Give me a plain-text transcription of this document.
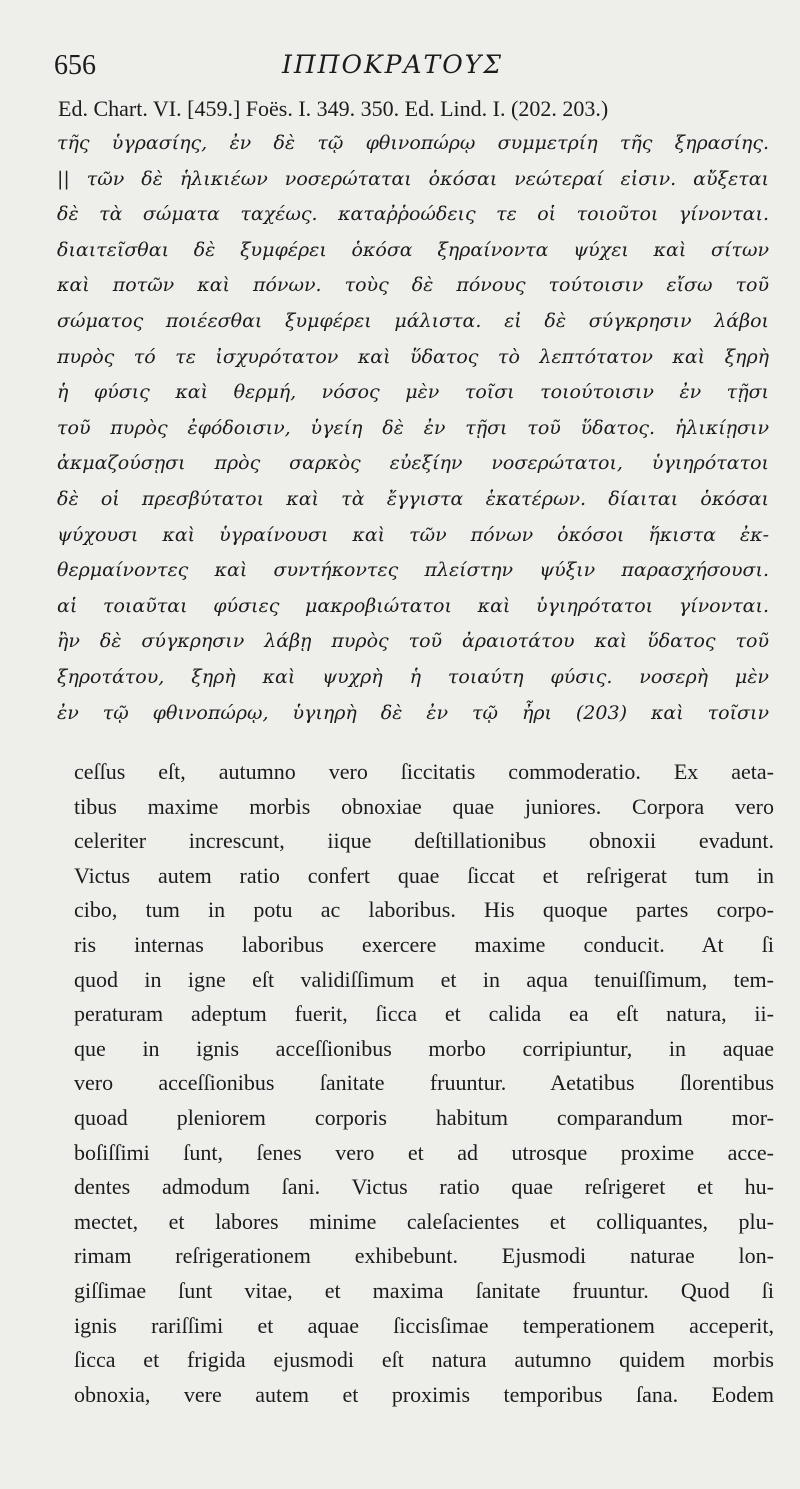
656	ΙΠΠΟΚΡΑΤΟΥΣ
Ed. Chart. VI. [459.] Foës. I. 349. 350. Ed. Lind. I. (202. 203.)
τῆς ὑγρασίης, ἐν δὲ τῷ φθινοπώρῳ συμμετρίη τῆς ξηρασίης.
|| τῶν δὲ ἡλικιέων νοσερώταται ὁκόσαι νεώτεραί εἰσιν. αὔξεται
δὲ τὰ σώματα ταχέως. καταῤῥοώδεις τε οἱ τοιοῦτοι γίνονται.
διαιτεῖσθαι δὲ ξυμφέρει ὁκόσα ξηραίνοντα ψύχει καὶ σίτων
καὶ ποτῶν καὶ πόνων. τοὺς δὲ πόνους τούτοισιν εἴσω τοῦ
σώματος ποιέεσθαι ξυμφέρει μάλιστα. εἰ δὲ σύγκρησιν λάβοι
πυρὸς τό τε ἰσχυρότατον καὶ ὕδατος τὸ λεπτότατον καὶ ξηρὴ
ἡ φύσις καὶ θερμή, νόσος μὲν τοῖσι τοιούτοισιν ἐν τῇσι
τοῦ πυρὸς ἐφόδοισιν, ὑγείη δὲ ἐν τῇσι τοῦ ὕδατος. ἡλικίῃσιν
ἀκμαζούσῃσι πρὸς σαρκὸς εὐεξίην νοσερώτατοι, ὑγιηρότατοι
δὲ οἱ πρεσβύτατοι καὶ τὰ ἔγγιστα ἑκατέρων. δίαιται ὁκόσαι
ψύχουσι καὶ ὑγραίνουσι καὶ τῶν πόνων ὁκόσοι ἥκιστα ἐκ-
θερμαίνοντες καὶ συντήκοντες πλείστην ψύξιν παρασχήσουσι.
αἱ τοιαῦται φύσιες μακροβιώτατοι καὶ ὑγιηρότατοι γίνονται.
ἢν δὲ σύγκρησιν λάβῃ πυρὸς τοῦ ἀραιοτάτου καὶ ὕδατος τοῦ
ξηροτάτου, ξηρὴ καὶ ψυχρὴ ἡ τοιαύτη φύσις. νοσερὴ μὲν
ἐν τῷ φθινοπώρῳ, ὑγιηρὴ δὲ ἐν τῷ ἦρι (203) καὶ τοῖσιν
ceſſus eſt, autumno vero ſiccitatis commoderatio. Ex aeta-
tibus maxime morbis obnoxiae quae juniores. Corpora vero
celeriter increscunt, iique deſtillationibus obnoxii evadunt.
Victus autem ratio confert quae ſiccat et reſrigerat tum in
cibo, tum in potu ac laboribus. His quoque partes corpo-
ris internas laboribus exercere maxime conducit. At ſi
quod in igne eſt validiſſimum et in aqua tenuiſſimum, tem-
peraturam adeptum fuerit, ſicca et calida ea eſt natura, ii-
que in ignis acceſſionibus morbo corripiuntur, in aquae
vero acceſſionibus ſanitate fruuntur. Aetatibus ſlorentibus
quoad pleniorem corporis habitum comparandum mor-
boſiſſimi ſunt, ſenes vero et ad utrosque proxime acce-
dentes admodum ſani. Victus ratio quae reſrigeret et hu-
mectet, et labores minime caleſacientes et colliquantes, plu-
rimam reſrigerationem exhibebunt. Ejusmodi naturae lon-
giſſimae ſunt vitae, et maxima ſanitate fruuntur. Quod ſi
ignis rariſſimi et aquae ſiccisſimae temperationem acceperit,
ſicca et frigida ejusmodi eſt natura autumno quidem morbis
obnoxia, vere autem et proximis temporibus ſana. Eodem
